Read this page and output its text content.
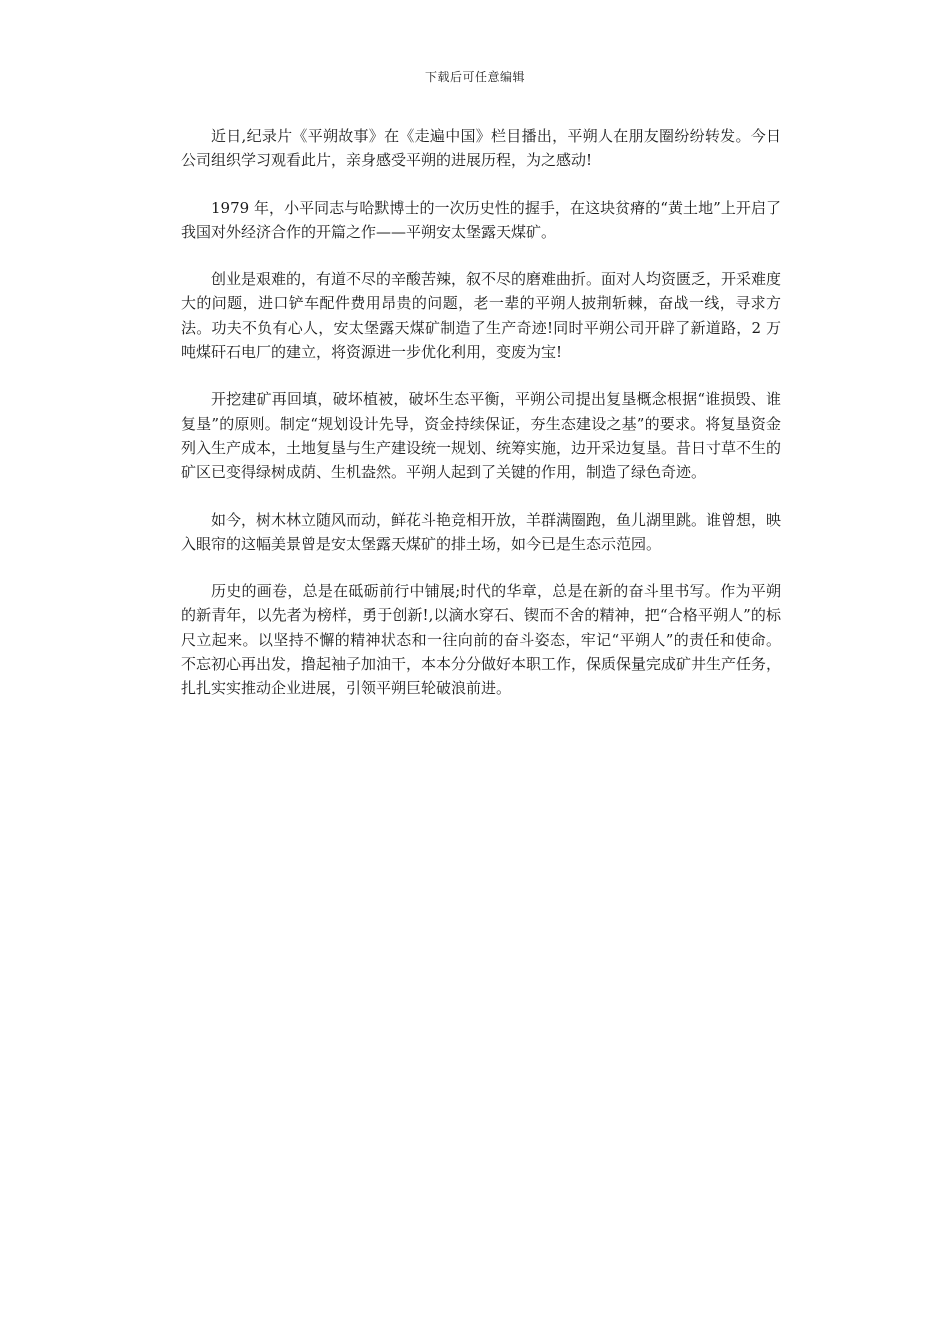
下载后可任意编辑

近日,纪录片《平朔故事》在《走遍中国》栏目播出，平朔人在朋友圈纷纷转发。今日公司组织学习观看此片，亲身感受平朔的进展历程，为之感动!

1979 年，小平同志与哈默博士的一次历史性的握手，在这块贫瘠的“黄土地”上开启了我国对外经济合作的开篇之作——平朔安太堡露天煤矿。

创业是艰难的，有道不尽的辛酸苦辣，叙不尽的磨难曲折。面对人均资匮乏，开采难度大的问题，进口铲车配件费用昂贵的问题，老一辈的平朔人披荆斩棘，奋战一线，寻求方法。功夫不负有心人，安太堡露天煤矿制造了生产奇迹!同时平朔公司开辟了新道路，2 万吨煤矸石电厂的建立，将资源进一步优化利用，变废为宝!

开挖建矿再回填，破坏植被，破坏生态平衡，平朔公司提出复垦概念根据“谁损毁、谁复垦”的原则。制定“规划设计先导，资金持续保证，夯生态建设之基”的要求。将复垦资金列入生产成本，土地复垦与生产建设统一规划、统筹实施，边开采边复垦。昔日寸草不生的矿区已变得绿树成荫、生机盎然。平朔人起到了关键的作用，制造了绿色奇迹。

如今，树木林立随风而动，鲜花斗艳竞相开放，羊群满圈跑，鱼儿湖里跳。谁曾想，映入眼帘的这幅美景曾是安太堡露天煤矿的排土场，如今已是生态示范园。

历史的画卷，总是在砥砺前行中铺展;时代的华章，总是在新的奋斗里书写。作为平朔的新青年，以先者为榜样，勇于创新!,以滴水穿石、锲而不舍的精神，把“合格平朔人”的标尺立起来。以坚持不懈的精神状态和一往向前的奋斗姿态，牢记“平朔人”的责任和使命。不忘初心再出发，撸起袖子加油干，本本分分做好本职工作，保质保量完成矿井生产任务，扎扎实实推动企业进展，引领平朔巨轮破浪前进。
